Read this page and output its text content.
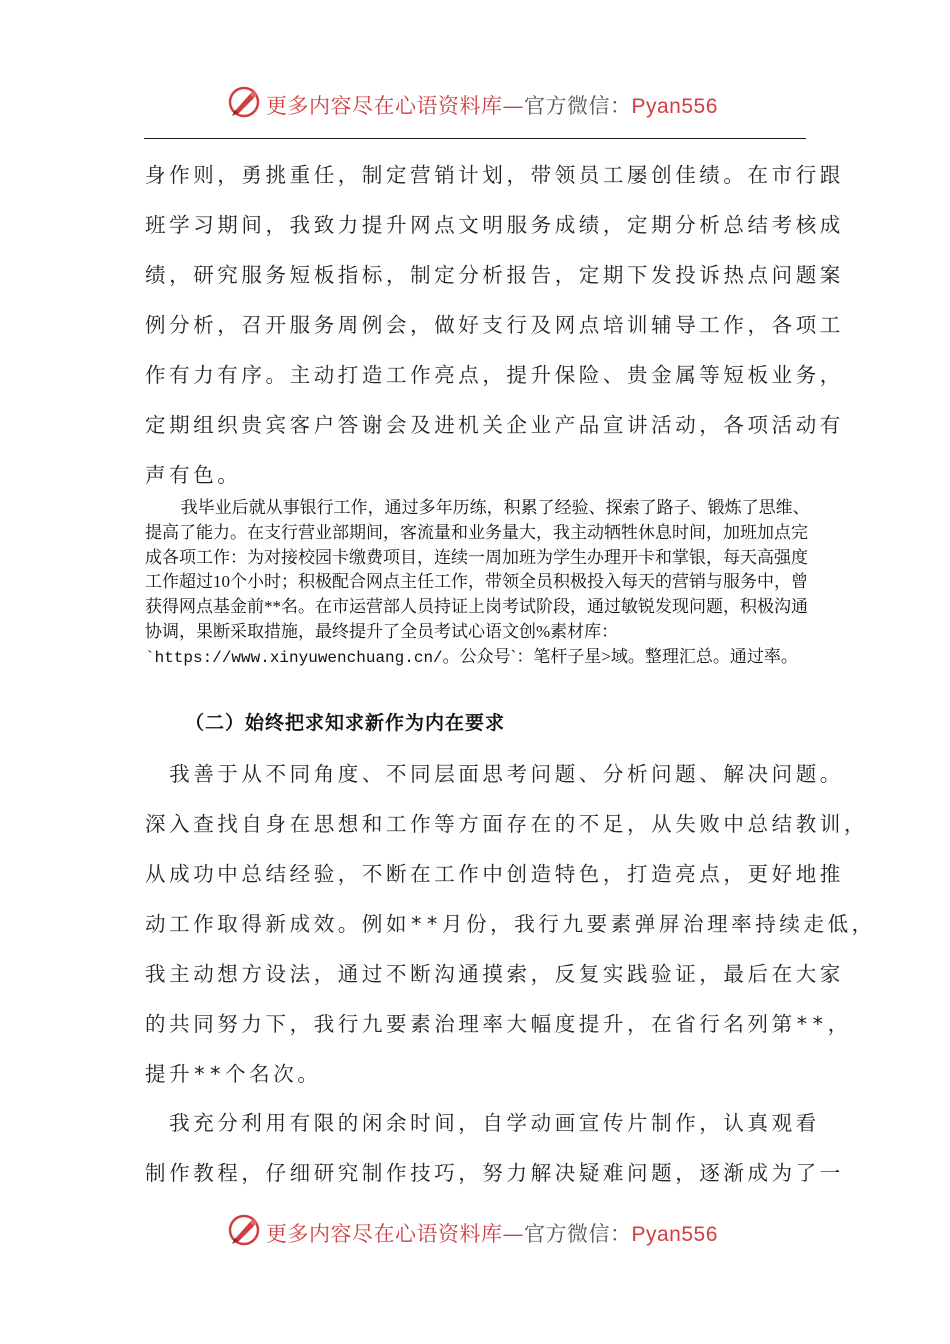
更多内容尽在心语资料库—官方微信：Pyan556
身作则，勇挑重任，制定营销计划，带领员工屡创佳绩。在市行跟
班学习期间，我致力提升网点文明服务成绩，定期分析总结考核成
绩，研究服务短板指标，制定分析报告，定期下发投诉热点问题案
例分析，召开服务周例会，做好支行及网点培训辅导工作，各项工
作有力有序。主动打造工作亮点，提升保险、贵金属等短板业务，
定期组织贵宾客户答谢会及进机关企业产品宣讲活动，各项活动有
声有色。

我毕业后就从事银行工作，通过多年历练，积累了经验、探索了路子、锻炼了思维、提高了能力。在支行营业部期间，客流量和业务量大，我主动牺牲休息时间，加班加点完成各项工作：为对接校园卡缴费项目，连续一周加班为学生办理开卡和掌银，每天高强度工作超过10个小时；积极配合网点主任工作，带领全员积极投入每天的营销与服务中，曾获得网点基金前**名。在市运营部人员持证上岗考试阶段，通过敏锐发现问题，积极沟通协调，果断采取措施，最终提升了全员考试心语文创%素材库：`https://www.xinyuwenchuang.cn/。公众号`：笔杆子星>域。整理汇总。通过率。

（二）始终把求知求新作为内在要求
　我善于从不同角度、不同层面思考问题、分析问题、解决问题。
深入查找自身在思想和工作等方面存在的不足，从失败中总结教训，
从成功中总结经验，不断在工作中创造特色，打造亮点，更好地推
动工作取得新成效。例如**月份，我行九要素弹屏治理率持续走低，
我主动想方设法，通过不断沟通摸索，反复实践验证，最后在大家
的共同努力下，我行九要素治理率大幅度提升，在省行名列第**，
提升**个名次。
　我充分利用有限的闲余时间，自学动画宣传片制作，认真观看
制作教程，仔细研究制作技巧，努力解决疑难问题，逐渐成为了一
更多内容尽在心语资料库—官方微信：Pyan556
